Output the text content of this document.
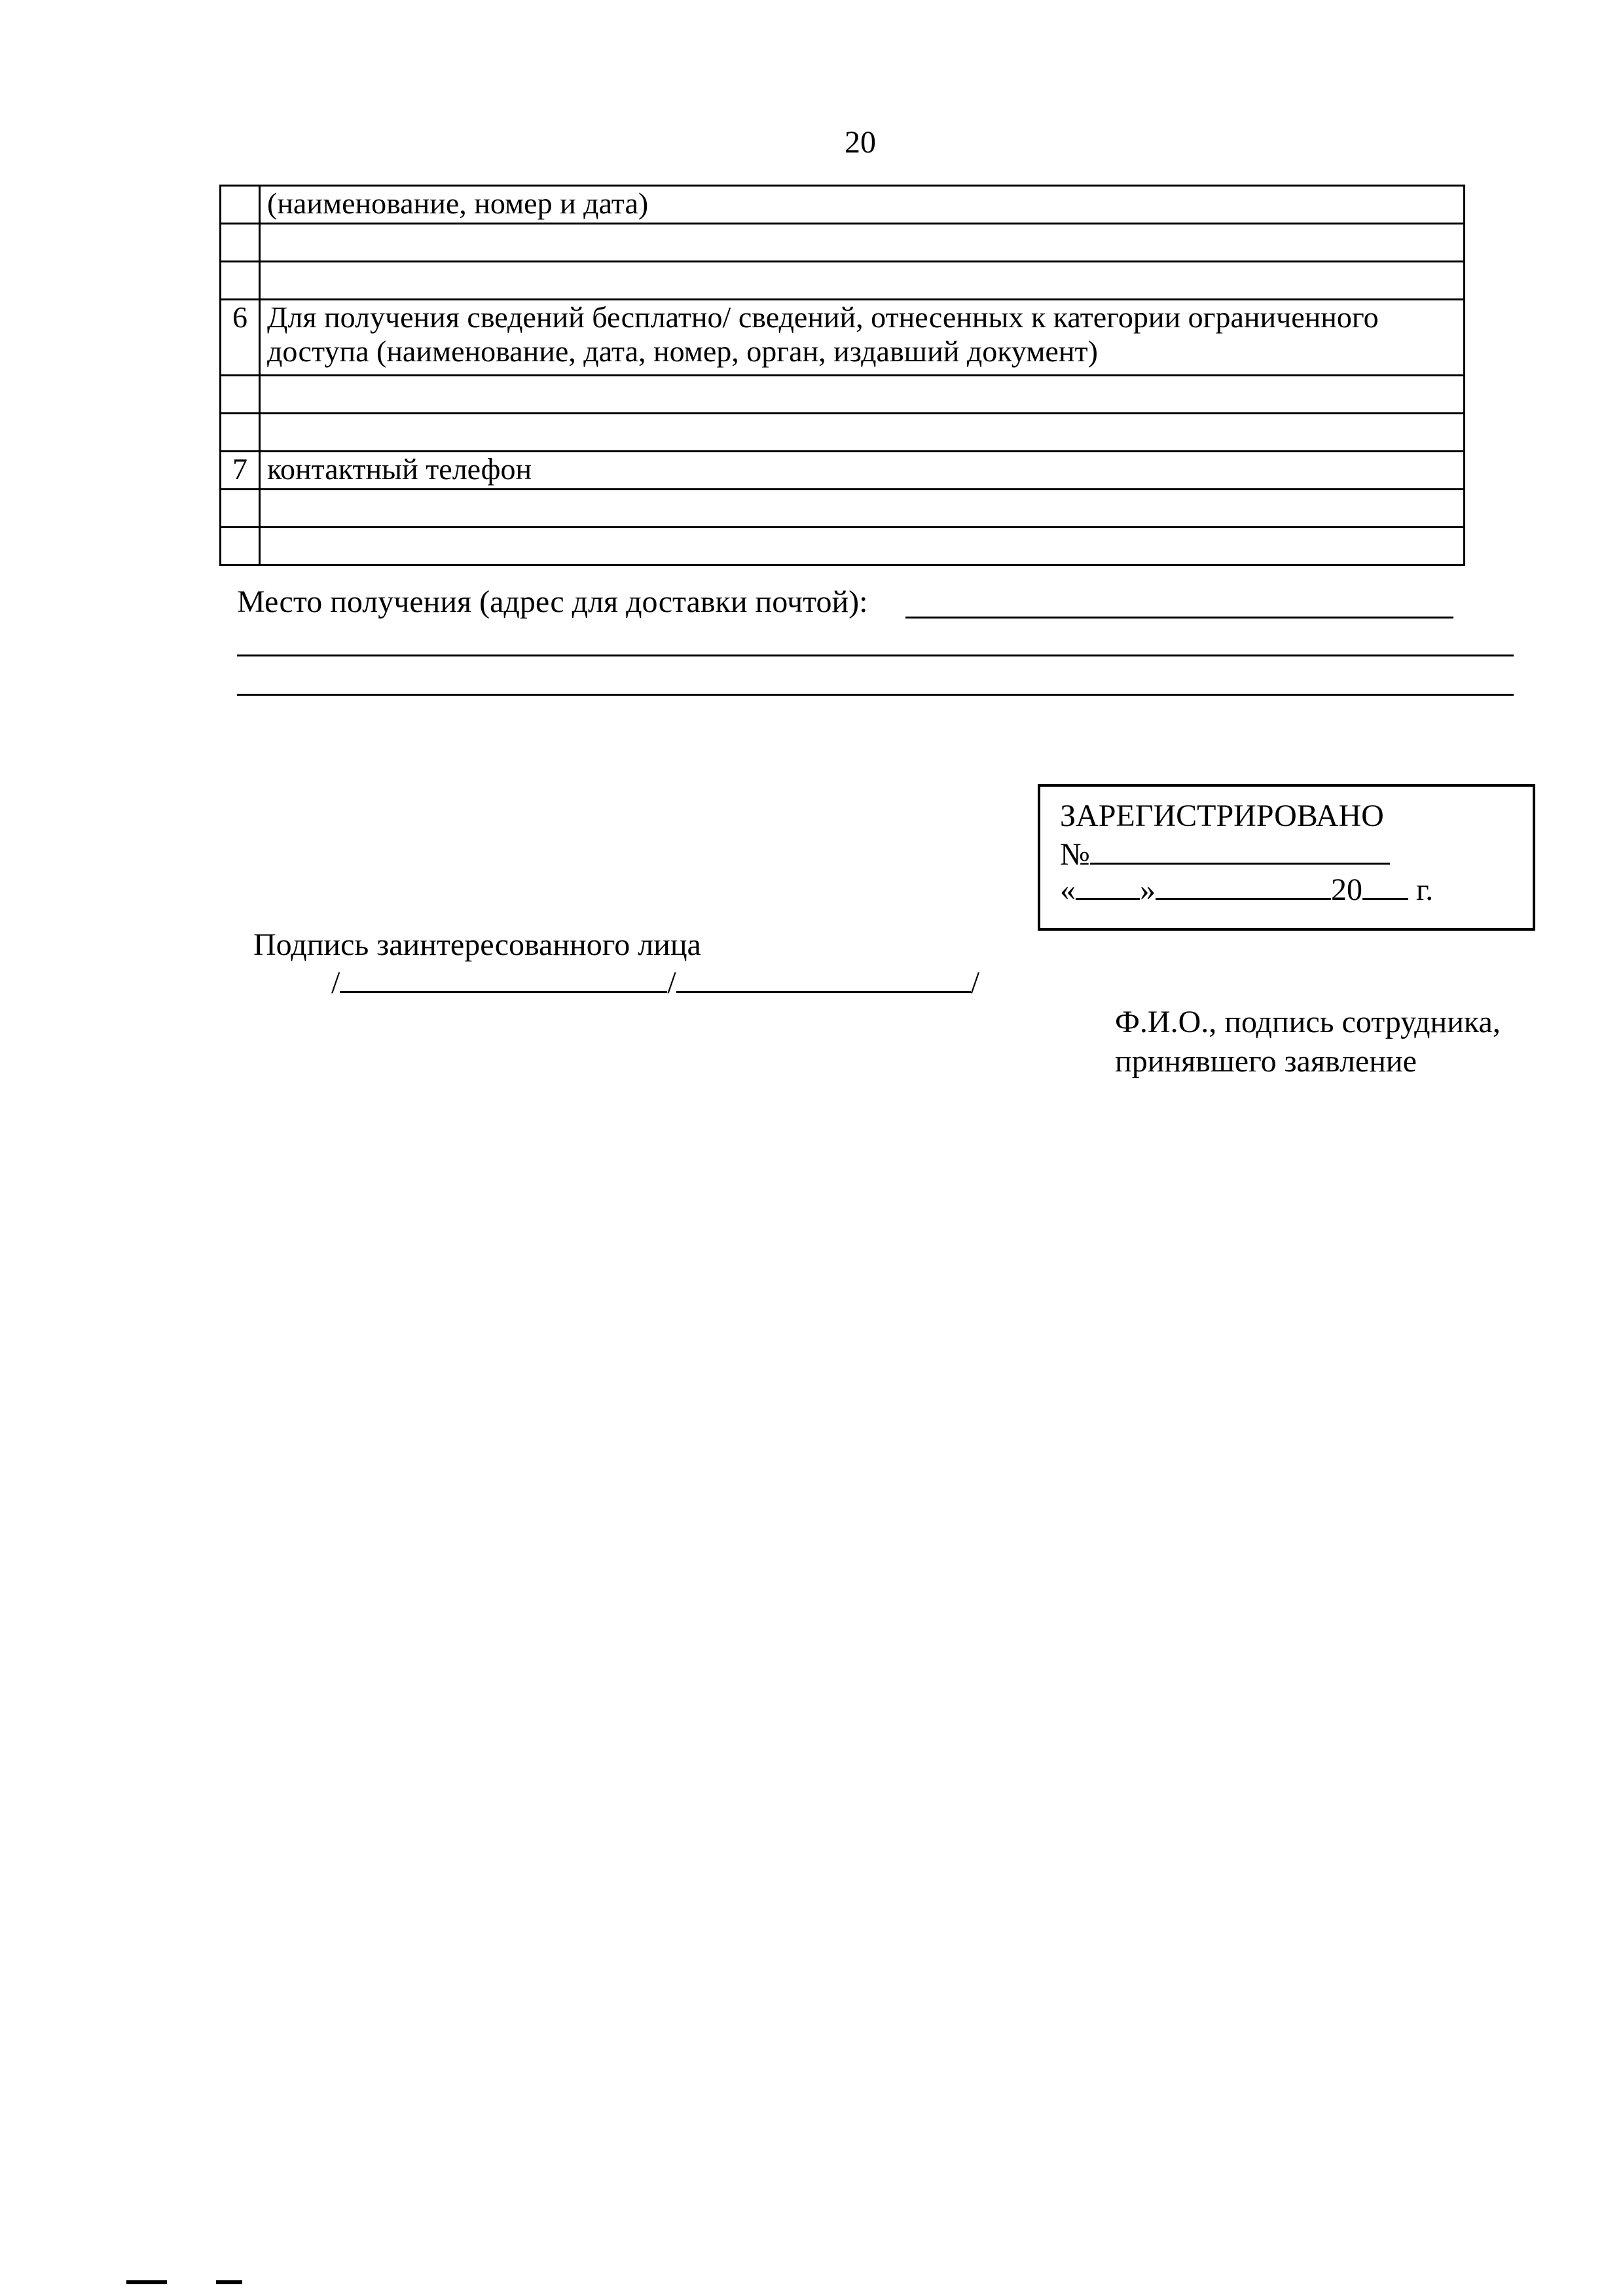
20
	(наименование, номер и дата)

6	Для получения сведений бесплатно/ сведений, отнесенных к категории ограниченного доступа (наименование, дата, номер, орган, издавший документ)

7	контактный телефон

Место получения (адрес для доставки почтой):
ЗАРЕГИСТРИРОВАНО
№
« »	20 г.
Подпись заинтересованного лица
/	/	/
Ф.И.О., подпись сотрудника,
принявшего заявление
